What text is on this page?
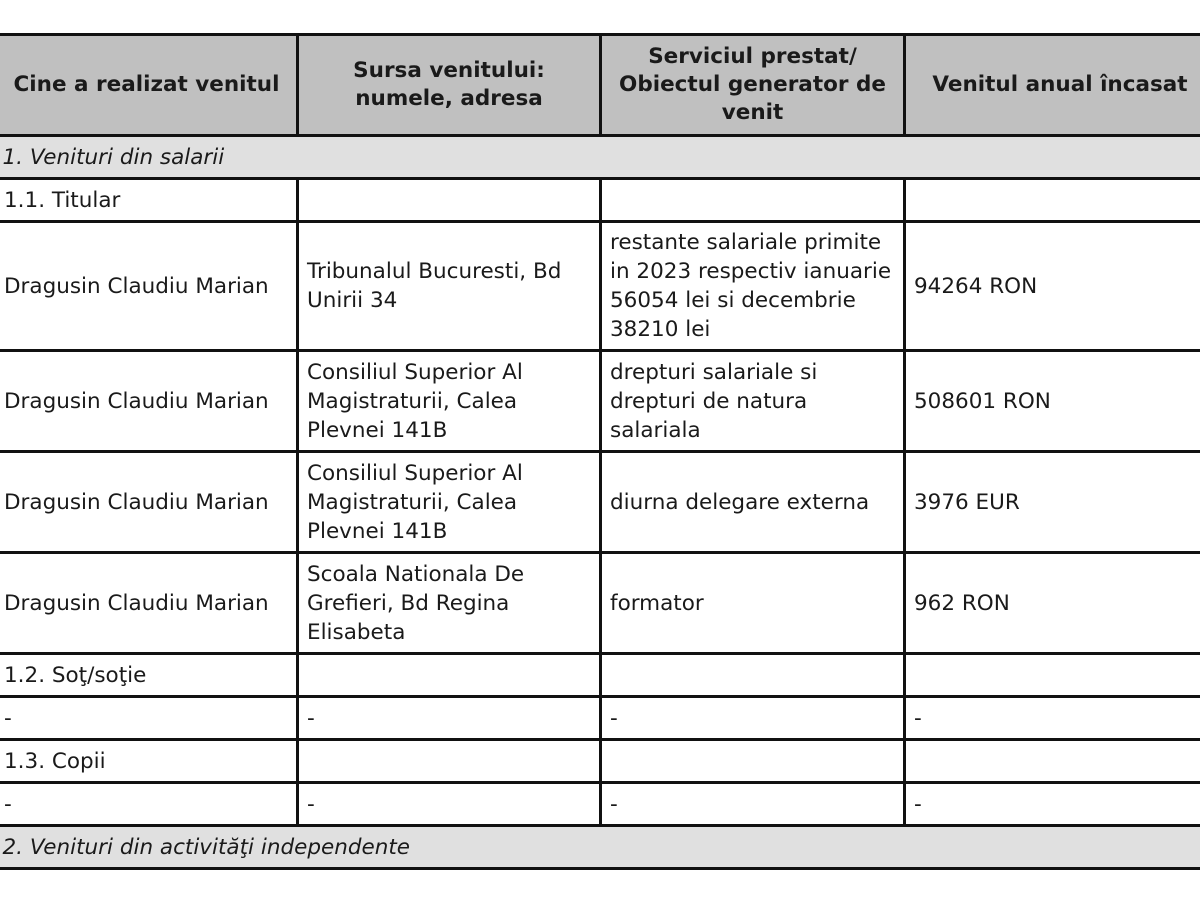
Cine a realizat venitul	Sursa venitului: numele, adresa	Serviciul prestat/ Obiectul generator de venit	Venitul anual încasat
1. Venituri din salarii			
1.1. Titular			
Dragusin Claudiu Marian	Tribunalul Bucuresti, Bd Unirii 34	restante salariale primite in 2023 respectiv ianuarie 56054 lei si decembrie 38210 lei	94264 RON
Dragusin Claudiu Marian	Consiliul Superior Al Magistraturii, Calea Plevnei 141B	drepturi salariale si drepturi de natura salariala	508601 RON
Dragusin Claudiu Marian	Consiliul Superior Al Magistraturii, Calea Plevnei 141B	diurna delegare externa	3976 EUR
Dragusin Claudiu Marian	Scoala Nationala De Grefieri, Bd Regina Elisabeta	formator	962 RON
1.2. Soţ/soţie			
-	-	-	-
1.3. Copii			
-	-	-	-
2. Venituri din activităţi independente			
